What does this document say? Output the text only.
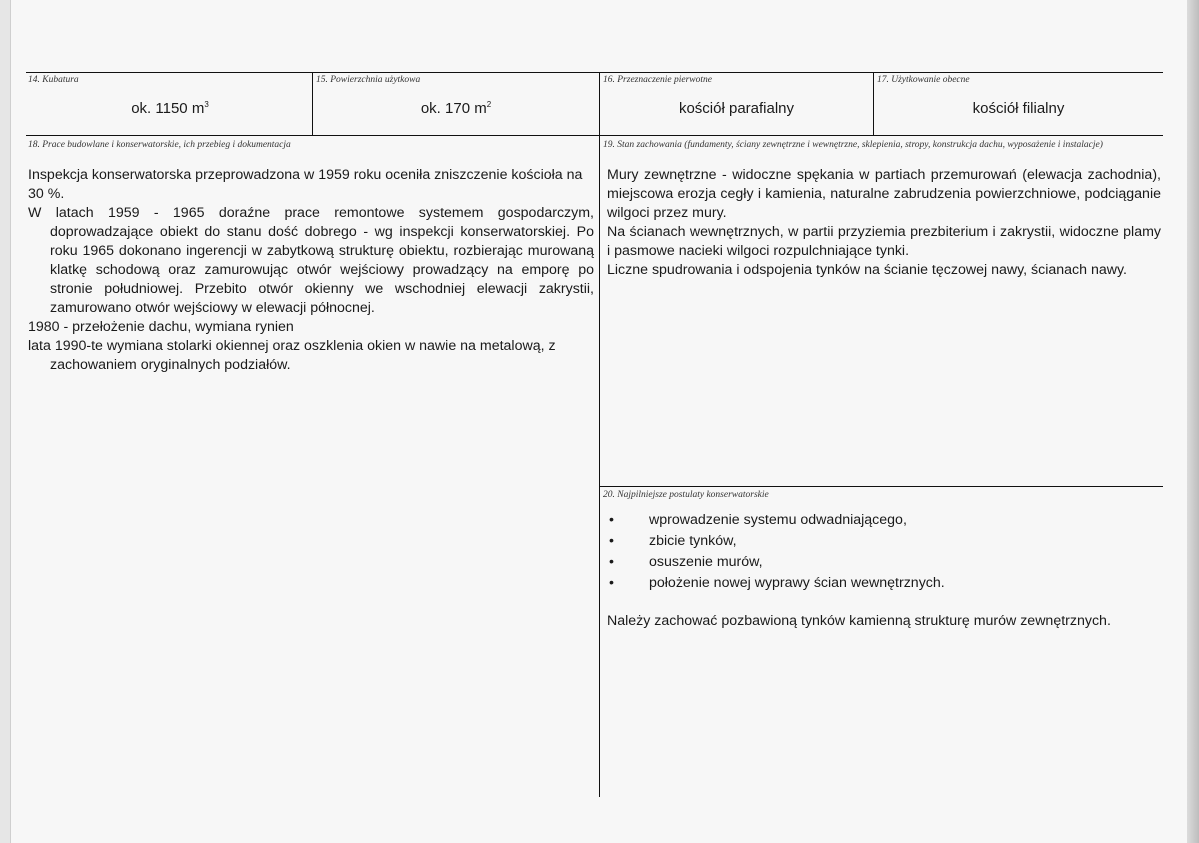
14. Kubatura
ok. 1150 $m^3$
15. Powierzchnia użytkowa
ok. 170 $m^2$
16. Przeznaczenie pierwotne
kościół parafialny
17. Użytkowanie obecne
kościół filialny
18. Prace budowlane i konserwatorskie, ich przebieg i dokumentacja

Inspekcja konserwatorska przeprowadzona w 1959 roku oceniła zniszczenie kościoła na 30 %.

W latach 1959 - 1965 doraźne prace remontowe systemem gospodarczym, doprowadzające obiekt do stanu dość dobrego - wg inspekcji konserwatorskiej. Po roku 1965 dokonano ingerencji w zabytkową strukturę obiektu, rozbierając murowaną klatkę schodową oraz zamurowując otwór wejściowy prowadzący na emporę po stronie południowej. Przebito otwór okienny we wschodniej elewacji zakrystii, zamurowano otwór wejściowy w elewacji północnej.

1980 - przełożenie dachu, wymiana rynien

lata 1990-te wymiana stolarki okiennej oraz oszklenia okien w nawie na metalową, z zachowaniem oryginalnych podziałów.

19. Stan zachowania (fundamenty, ściany zewnętrzne i wewnętrzne, sklepienia, stropy, konstrukcja dachu, wyposażenie i instalacje)

Mury zewnętrzne - widoczne spękania w partiach przemurowań (elewacja zachodnia), miejscowa erozja cegły i kamienia, naturalne zabrudzenia powierzchniowe, podciąganie wilgoci przez mury.

Na ścianach wewnętrznych, w partii przyziemia prezbiterium i zakrystii, widoczne plamy i pasmowe nacieki wilgoci rozpulchniające tynki.

Liczne spudrowania i odspojenia tynków na ścianie tęczowej nawy, ścianach nawy.

20. Najpilniejsze postulaty konserwatorskie
• wprowadzenie systemu odwadniającego,
• zbicie tynków,
• osuszenie murów,
• położenie nowej wyprawy ścian wewnętrznych.

Należy zachować pozbawioną tynków kamienną strukturę murów zewnętrznych.
